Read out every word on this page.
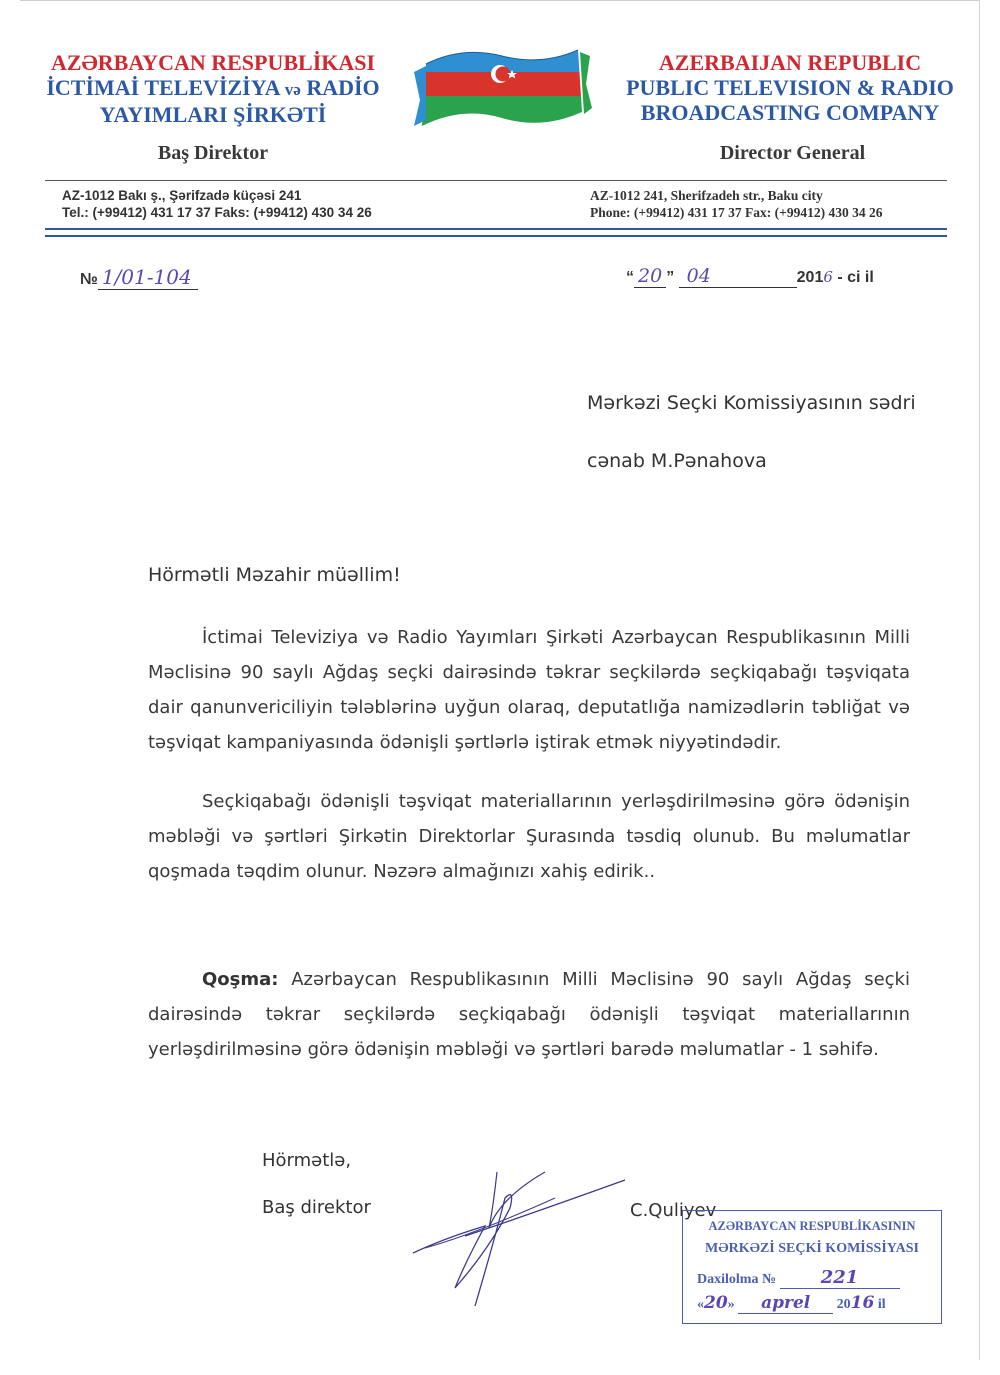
AZƏRBAYCAN RESPUBLİKASI
İCTİMAİ TELEVİZİYA və RADİO
YAYIMLARI ŞİRKƏTİ
Baş Direktor
AZERBAIJAN REPUBLIC
PUBLIC TELEVISION & RADIO
BROADCASTING COMPANY
Director General
AZ-1012 Bakı ş., Şərifzadə küçəsi 241
Tel.: (+99412) 431 17 37 Faks: (+99412) 430 34 26
AZ-1012 241, Sherifzadeh str., Baku city
Phone: (+99412) 431 17 37 Fax: (+99412) 430 34 26
№ 1/01-104	“ 20 ” 04	2016 - ci il
Mərkəzi Seçki Komissiyasının sədri
cənab M.Pənahova
Hörmətli Məzahir müəllim!
İctimai Televiziya və Radio Yayımları Şirkəti Azərbaycan Respublikasının Milli Məclisinə 90 saylı Ağdaş seçki dairəsində təkrar seçkilərdə seçkiqabağı təşviqata dair qanunvericiliyin tələblərinə uyğun olaraq, deputatlığa namizədlərin təbliğat və təşviqat kampaniyasında ödənişli şərtlərlə iştirak etmək niyyətindədir.
Seçkiqabağı ödənişli təşviqat materiallarının yerləşdirilməsinə görə ödənişin məbləği və şərtləri Şirkətin Direktorlar Şurasında təsdiq olunub. Bu məlumatlar qoşmada təqdim olunur. Nəzərə almağınızı xahiş edirik..
Qoşma: Azərbaycan Respublikasının Milli Məclisinə 90 saylı Ağdaş seçki dairəsində təkrar seçkilərdə seçkiqabağı ödənişli təşviqat materiallarının yerləşdirilməsinə görə ödənişin məbləği və şərtləri barədə məlumatlar - 1 səhifə.
Hörmətlə,
Baş direktor	C.Quliyev
AZƏRBAYCAN RESPUBLİKASININ
MƏRKƏZİ SEÇKİ KOMİSSİYASI
Daxilolma № 221
«20» aprel 2016 il
